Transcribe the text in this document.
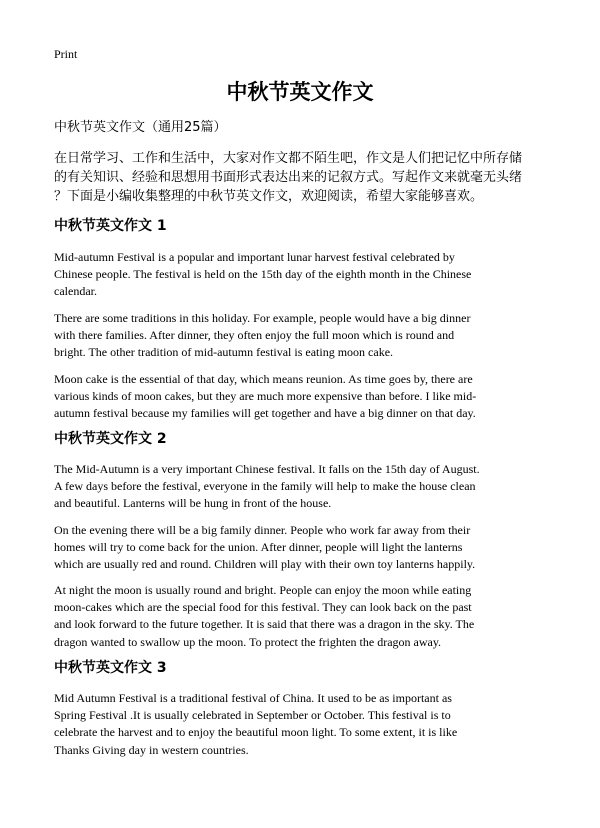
Print
中秋节英文作文
中秋节英文作文（通用25篇）

在日常学习、工作和生活中，大家对作文都不陌生吧，作文是人们把记忆中所存储
的有关知识、经验和思想用书面形式表达出来的记叙方式。写起作文来就毫无头绪
？下面是小编收集整理的中秋节英文作文，欢迎阅读，希望大家能够喜欢。

中秋节英文作文 1

Mid-autumn Festival is a popular and important lunar harvest festival celebrated by
Chinese people. The festival is held on the 15th day of the eighth month in the Chinese
calendar.

There are some traditions in this holiday. For example, people would have a big dinner
with there families. After dinner, they often enjoy the full moon which is round and
bright. The other tradition of mid-autumn festival is eating moon cake.

Moon cake is the essential of that day, which means reunion. As time goes by, there are
various kinds of moon cakes, but they are much more expensive than before. I like mid-
autumn festival because my families will get together and have a big dinner on that day.

中秋节英文作文 2

The Mid-Autumn is a very important Chinese festival. It falls on the 15th day of August.
A few days before the festival, everyone in the family will help to make the house clean
and beautiful. Lanterns will be hung in front of the house.

On the evening there will be a big family dinner. People who work far away from their
homes will try to come back for the union. After dinner, people will light the lanterns
which are usually red and round. Children will play with their own toy lanterns happily.

At night the moon is usually round and bright. People can enjoy the moon while eating
moon-cakes which are the special food for this festival. They can look back on the past
and look forward to the future together. It is said that there was a dragon in the sky. The
dragon wanted to swallow up the moon. To protect the frighten the dragon away.

中秋节英文作文 3

Mid Autumn Festival is a traditional festival of China. It used to be as important as
Spring Festival .It is usually celebrated in September or October. This festival is to
celebrate the harvest and to enjoy the beautiful moon light. To some extent, it is like
Thanks Giving day in western countries.
